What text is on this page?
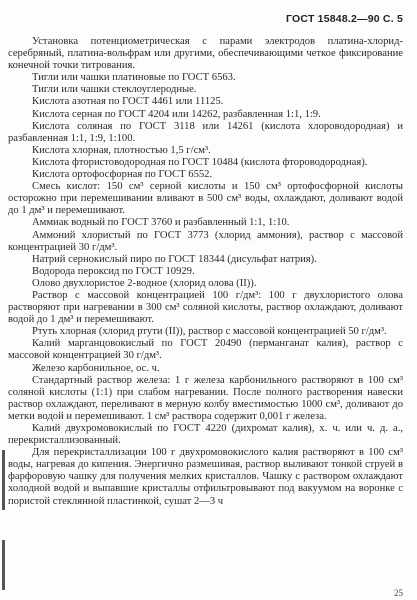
ГОСТ 15848.2—90 С. 5

Установка потенциометрическая с парами электродов платина-хлорид-серебряный, платина-вольфрам или другими, обеспечивающими четкое фиксирование конечной точки титрования.

Тигли или чашки платиновые по ГОСТ 6563.

Тигли или чашки стеклоуглеродные.

Кислота азотная по ГОСТ 4461 или 11125.

Кислота серная по ГОСТ 4204 или 14262, разбавленная 1:1, 1:9.

Кислота соляная по ГОСТ 3118 или 14261 (кислота хлороводородная) и разбавленная 1:1, 1:9, 1:100.

Кислота хлорная, плотностью 1,5 г/см³.

Кислота фтористоводородная по ГОСТ 10484 (кислота фтороводородная).

Кислота ортофосфорная по ГОСТ 6552.

Смесь кислот: 150 см³ серной кислоты и 150 см³ ортофосфорной кислоты осторожно при перемешивании вливают в 500 см³ воды, охлаждают, доливают водой до 1 дм³ и перемешивают.

Аммиак водный по ГОСТ 3760 и разбавленный 1:1, 1:10.

Аммоний хлористый по ГОСТ 3773 (хлорид аммония), раствор с массовой концентрацией 30 г/дм³.

Натрий сернокислый пиро по ГОСТ 18344 (дисульфат натрия).

Водорода пероксид по ГОСТ 10929.

Олово двухлористое 2-водное (хлорид олова (II)).

Раствор с массовой концентрацией 100 г/дм³: 100 г двухлористого олова растворяют при нагревании в 300 см³ соляной кислоты, раствор охлаждают, доливают водой до 1 дм³ и перемешивают.

Ртуть хлорная (хлорид ртути (II)), раствор с массовой концентрацией 50 г/дм³.

Калий марганцовокислый по ГОСТ 20490 (перманганат калия), раствор с массовой концентрацией 30 г/дм³.

Железо карбонильное, ос. ч.

Стандартный раствор железа: 1 г железа карбонильного растворяют в 100 см³ соляной кислоты (1:1) при слабом нагревании. После полного растворения навески раствор охлаждают, переливают в мерную колбу вместимостью 1000 см³, доливают до метки водой и перемешивают. 1 см³ раствора содержит 0,001 г железа.

Калий двухромовокислый по ГОСТ 4220 (дихромат калия), х. ч. или ч. д. а., перекристаллизованный.

Для перекристаллизации 100 г двухромовокислого калия растворяют в 100 см³ воды, нагревая до кипения. Энергично размешивая, раствор выливают тонкой струей в фарфоровую чашку для получения мелких кристаллов. Чашку с раствором охлаждают холодной водой и выпавшие кристаллы отфильтровывают под вакуумом на воронке с пористой стеклянной пластинкой, сушат 2—3 ч

25
